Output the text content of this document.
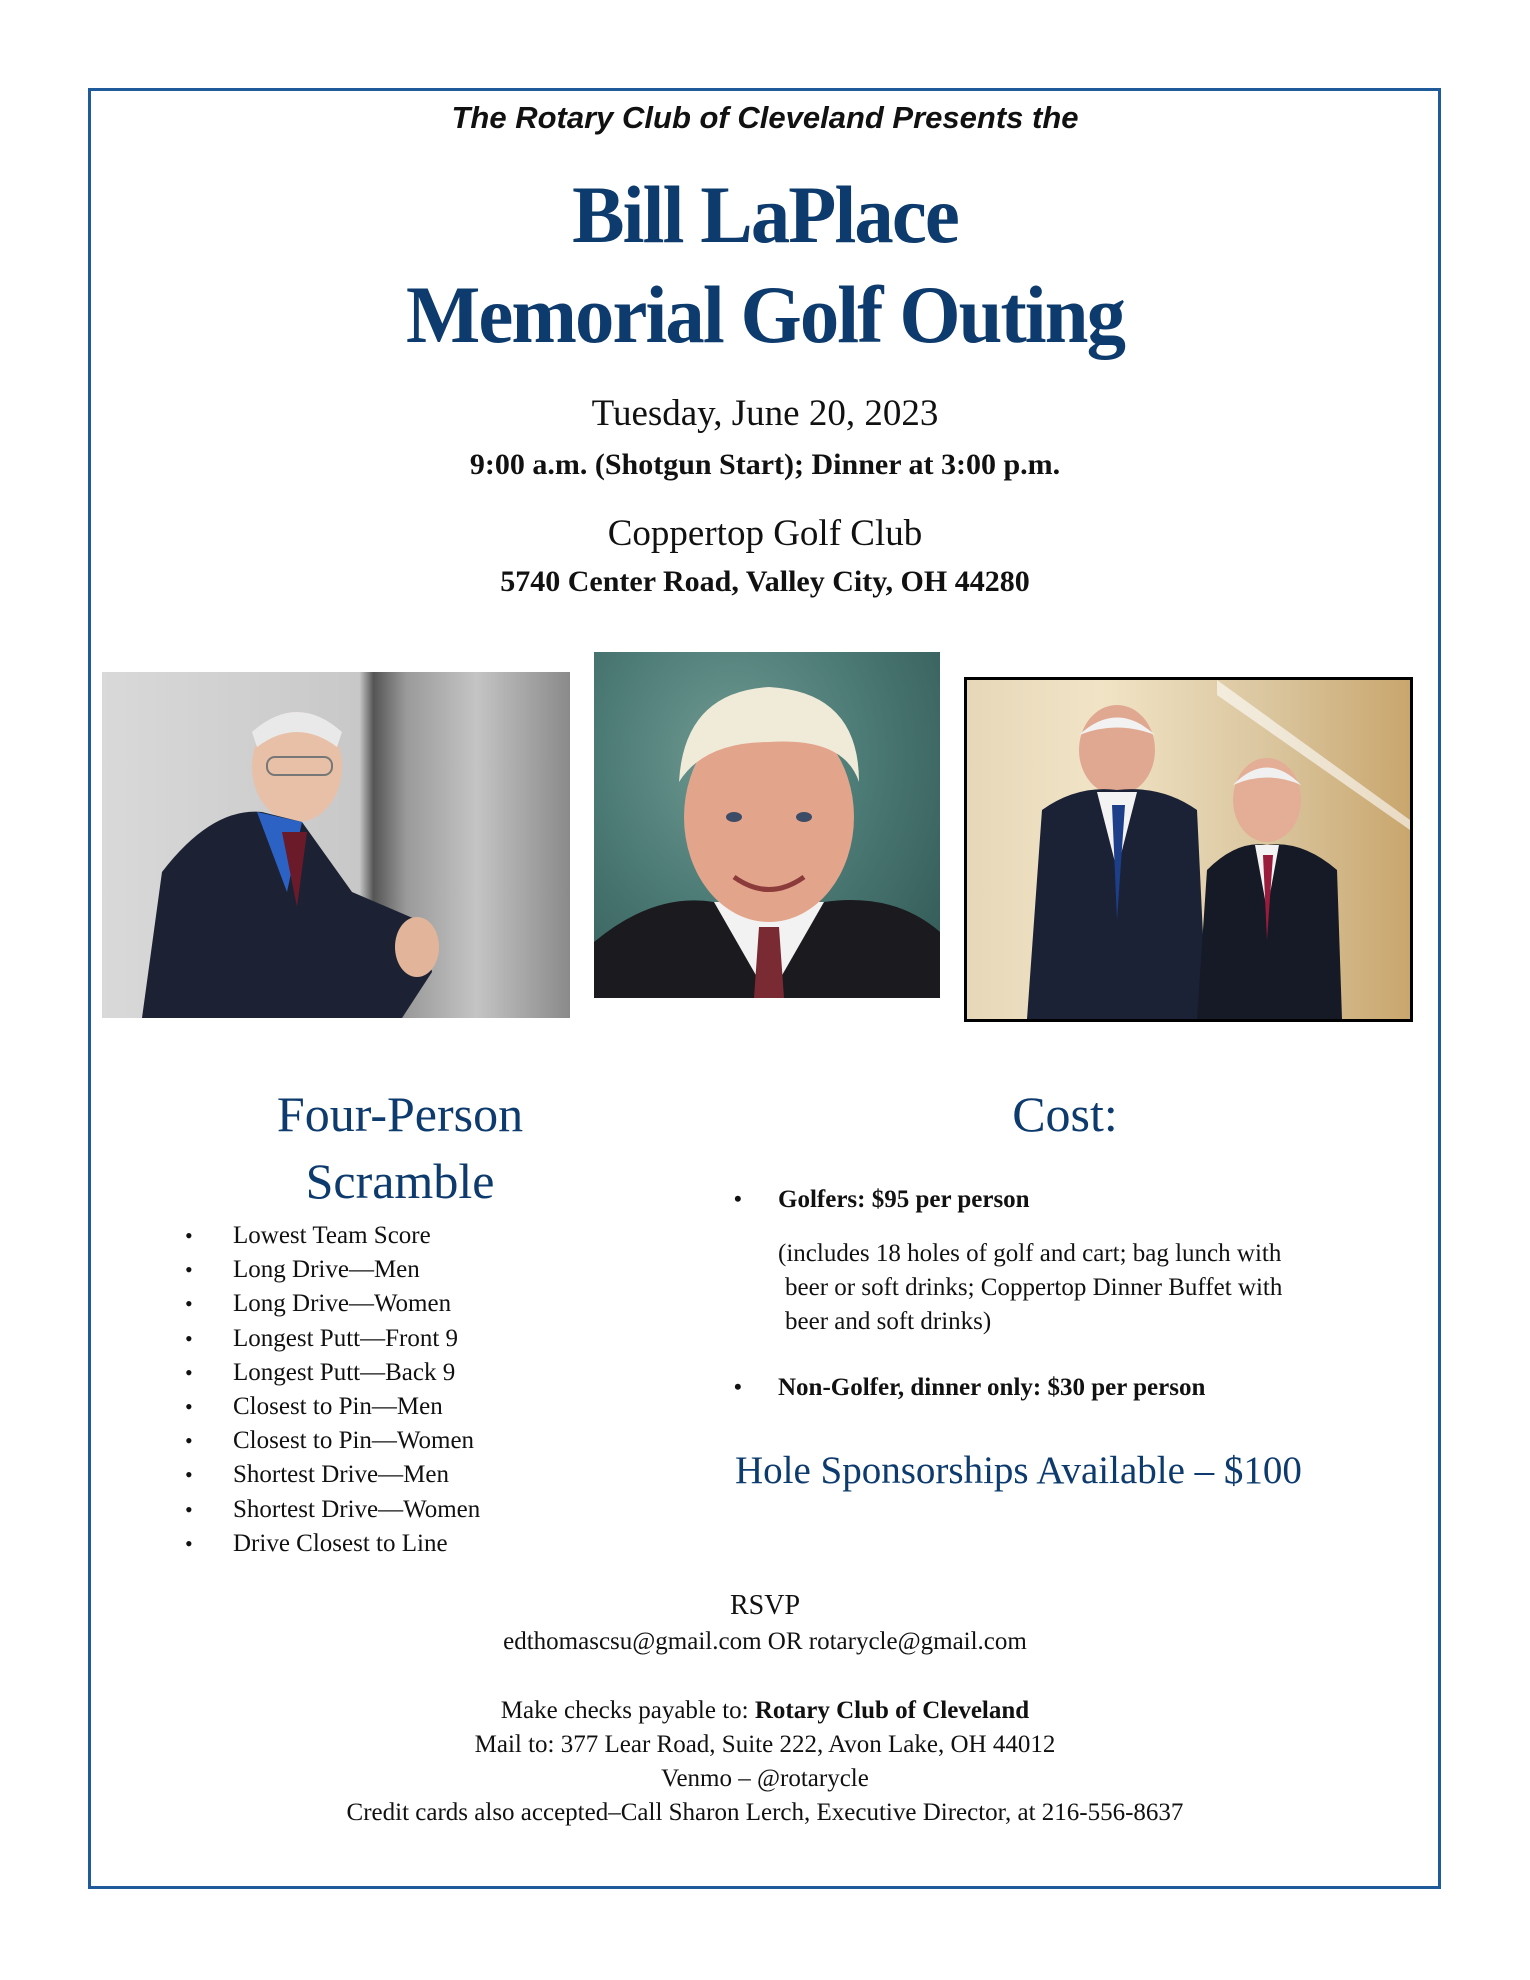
The Rotary Club of Cleveland Presents the
Bill LaPlace
Memorial Golf Outing
Tuesday, June 20, 2023
9:00 a.m. (Shotgun Start); Dinner at 3:00 p.m.
Coppertop Golf Club
5740 Center Road, Valley City, OH 44280
Four-Person
Scramble
• Lowest Team Score
• Long Drive—Men
• Long Drive—Women
• Longest Putt—Front 9
• Longest Putt—Back 9
• Closest to Pin—Men
• Closest to Pin—Women
• Shortest Drive—Men
• Shortest Drive—Women
• Drive Closest to Line
Cost:
• Golfers: $95 per person
(includes 18 holes of golf and cart; bag lunch with
beer or soft drinks; Coppertop Dinner Buffet with
beer and soft drinks)
• Non-Golfer, dinner only: $30 per person
Hole Sponsorships Available – $100
RSVP
edthomascsu@gmail.com OR rotarycle@gmail.com
Make checks payable to: Rotary Club of Cleveland
Mail to: 377 Lear Road, Suite 222, Avon Lake, OH 44012
Venmo – @rotarycle
Credit cards also accepted–Call Sharon Lerch, Executive Director, at 216-556-8637
